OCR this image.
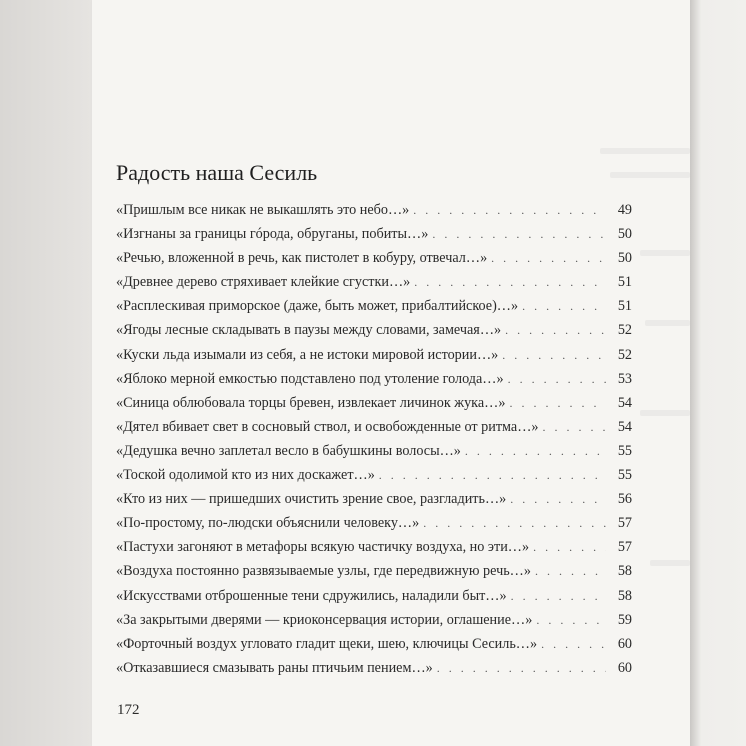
Радость наша Сесиль
«Пришлым все никак не выкашлять это небо…» . . .	49
«Изгнаны за границы гóрода, обруганы, побиты…» . . .	50
«Речью, вложенной в речь, как пистолет в кобуру, отвечал…» . . .	50
«Древнее дерево стряхивает клейкие сгустки…» . . .	51
«Расплескивая приморское (даже, быть может, прибалтийское)…» . . .	51
«Ягоды лесные складывать в паузы между словами, замечая…» . . .	52
«Куски льда изымали из себя, а не истоки мировой истории…» . . .	52
«Яблоко мерной емкостью подставлено под утоление голода…» . . .	53
«Синица облюбовала торцы бревен, извлекает личинок жука…» . . .	54
«Дятел вбивает свет в сосновый ствол, и освобожденные от ритма…» . . .	54
«Дедушка вечно заплетал весло в бабушкины волосы…» . . .	55
«Тоской одолимой кто из них доскажет…» . . .	55
«Кто из них — пришедших очистить зрение свое, разгладить…» . . .	56
«По-простому, по-людски объяснили человеку…» . . .	57
«Пастухи загоняют в метафоры всякую частичку воздуха, но эти…» . . .	57
«Воздуха постоянно развязываемые узлы, где передвижную речь…» . . .	58
«Искусствами отброшенные тени сдружились, наладили быт…» . . .	58
«За закрытыми дверями — криоконсервация истории, оглашение…» . . .	59
«Форточный воздух угловато гладит щеки, шею, ключицы Сесиль…» . . .	60
«Отказавшиеся смазывать раны птичьим пением…» . . .	60
172
